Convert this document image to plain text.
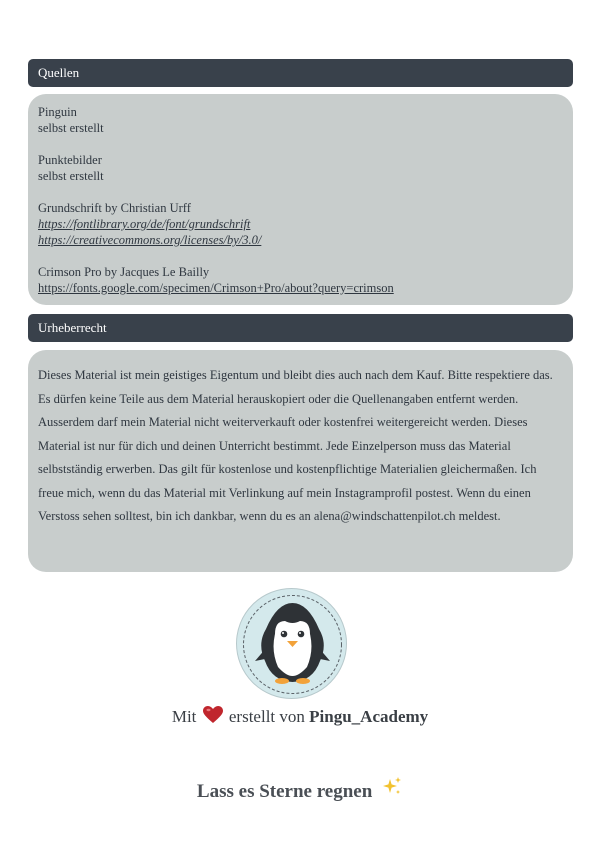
Quellen
Pinguin
selbst erstellt
Punktebilder
selbst erstellt
Grundschrift by Christian Urff
https://fontlibrary.org/de/font/grundschrift
https://creativecommons.org/licenses/by/3.0/
Crimson Pro by Jacques Le Bailly
https://fonts.google.com/specimen/Crimson+Pro/about?query=crimson
Urheberrecht
Dieses Material ist mein geistiges Eigentum und bleibt dies auch nach dem Kauf. Bitte respektiere das. Es dürfen keine Teile aus dem Material herauskopiert oder die Quellenangaben entfernt werden. Ausserdem darf mein Material nicht weiterverkauft oder kostenfrei weitergereicht werden. Dieses Material ist nur für dich und deinen Unterricht bestimmt. Jede Einzelperson muss das Material selbstständig erwerben. Das gilt für kostenlose und kostenpflichtige Materialien gleichermaßen. Ich freue mich, wenn du das Material mit Verlinkung auf mein Instagramprofil postest. Wenn du einen Verstoss sehen solltest, bin ich dankbar, wenn du es an alena@windschattenpilot.ch meldest.
Mit erstellt von Pingu_Academy
Lass es Sterne regnen
